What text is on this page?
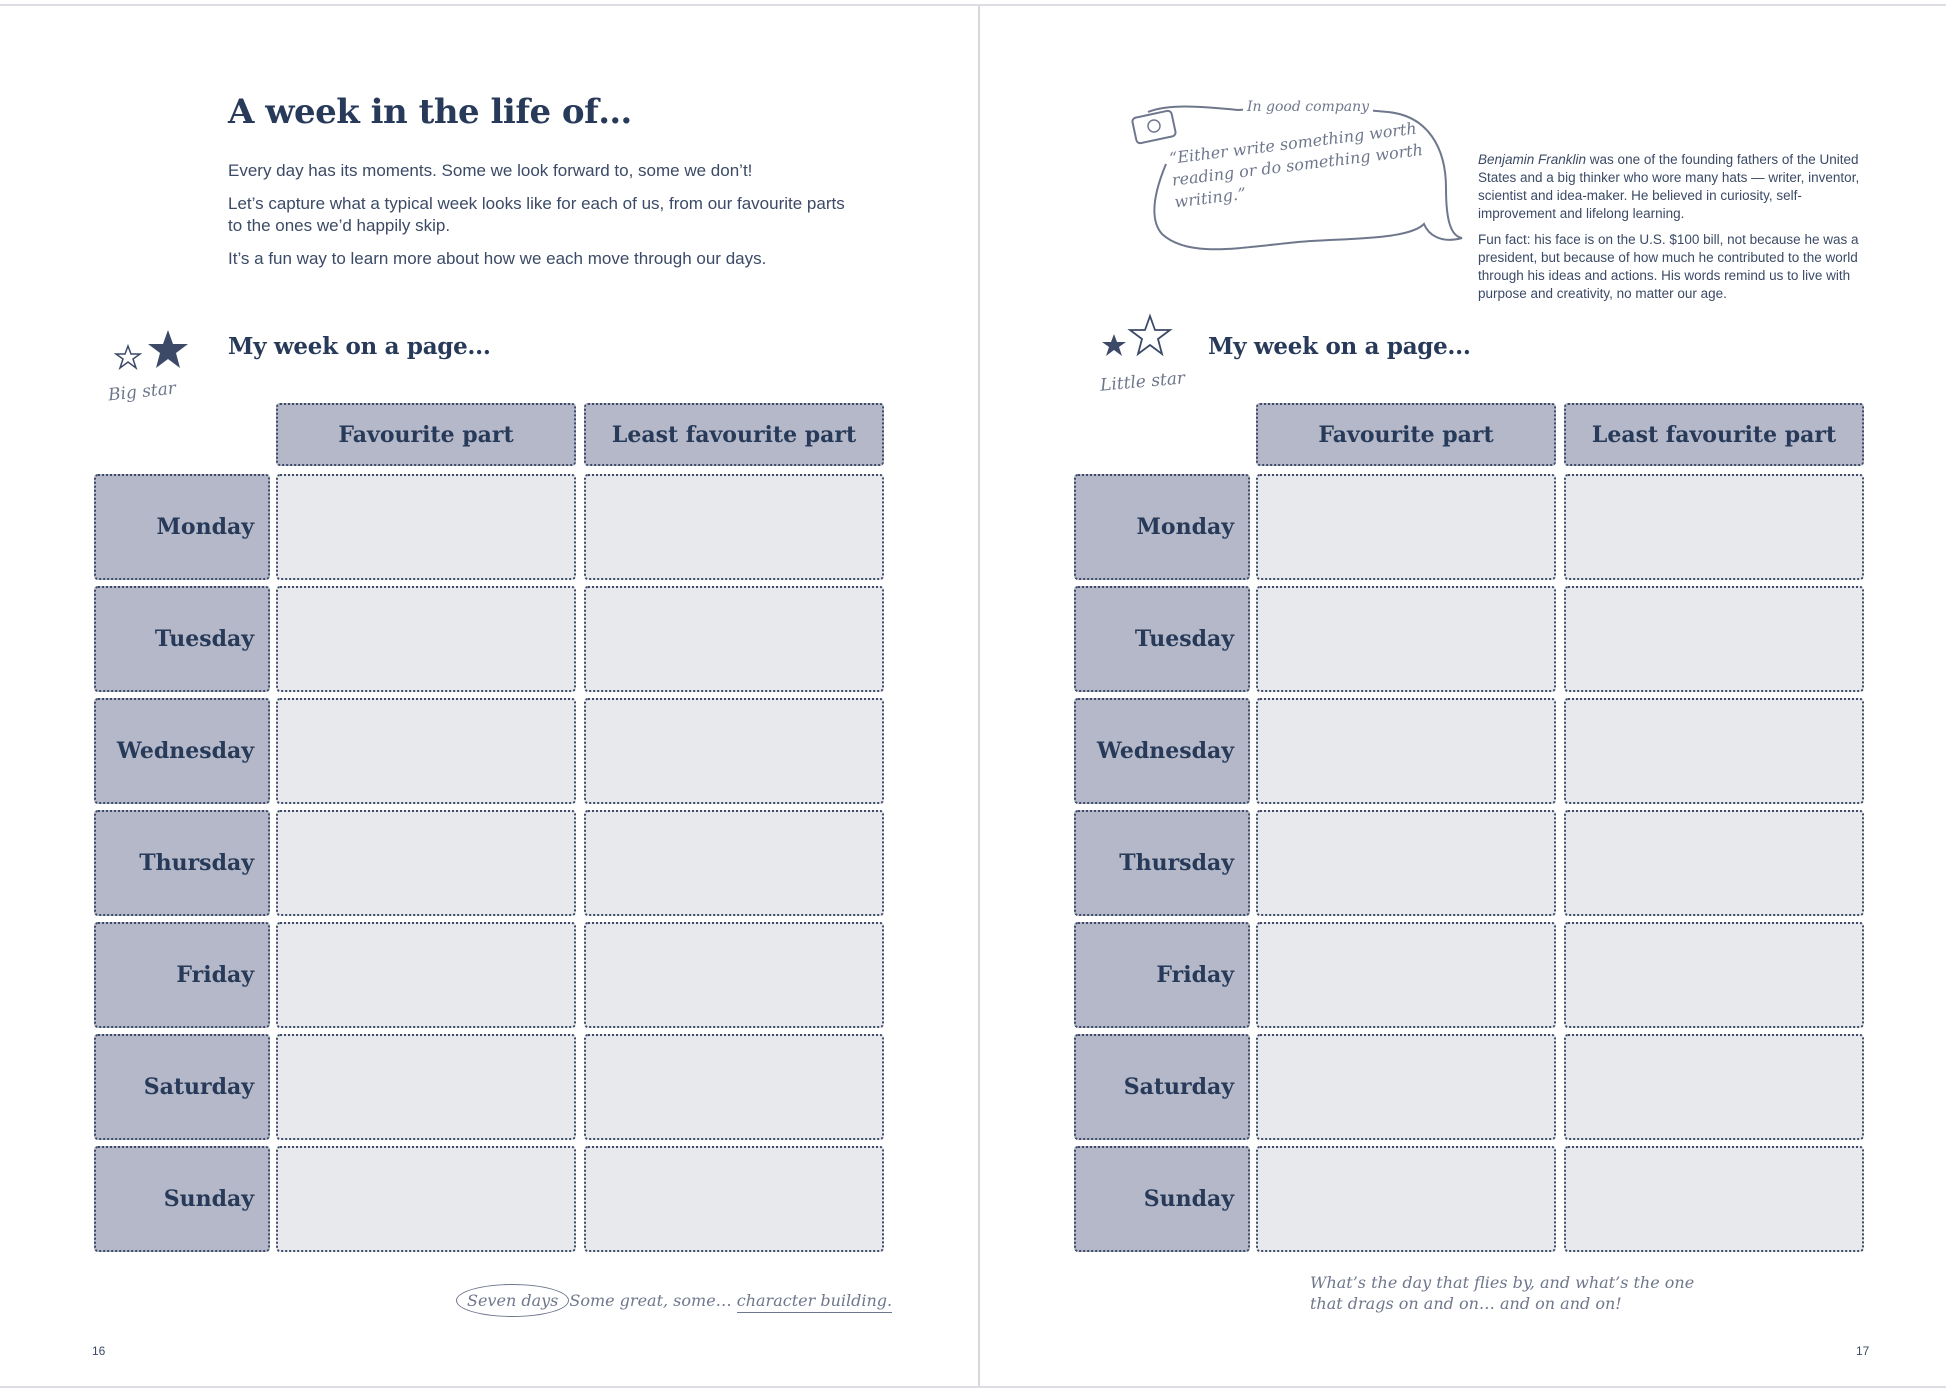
A week in the life of…

Every day has its moments. Some we look forward to, some we don’t!

Let’s capture what a typical week looks like for each of us, from our favourite parts to the ones we’d happily skip.

It’s a fun way to learn more about how we each move through our days.

Big star
My week on a page...
Favourite part	Least favourite part
Monday
Tuesday
Wednesday
Thursday
Friday
Saturday
Sunday
Seven days Some great, some… character building.
16
In good company
“Either write something worth reading or do something worth writing.”

Benjamin Franklin was one of the founding fathers of the United States and a big thinker who wore many hats — writer, inventor, scientist and idea-maker. He believed in curiosity, self-improvement and lifelong learning.

Fun fact: his face is on the U.S. $100 bill, not because he was a president, but because of how much he contributed to the world through his ideas and actions. His words remind us to live with purpose and creativity, no matter our age.

Little star
My week on a page...
Favourite part	Least favourite part
Monday
Tuesday
Wednesday
Thursday
Friday
Saturday
Sunday
What’s the day that flies by, and what’s the one
that drags on and on… and on and on!
17
